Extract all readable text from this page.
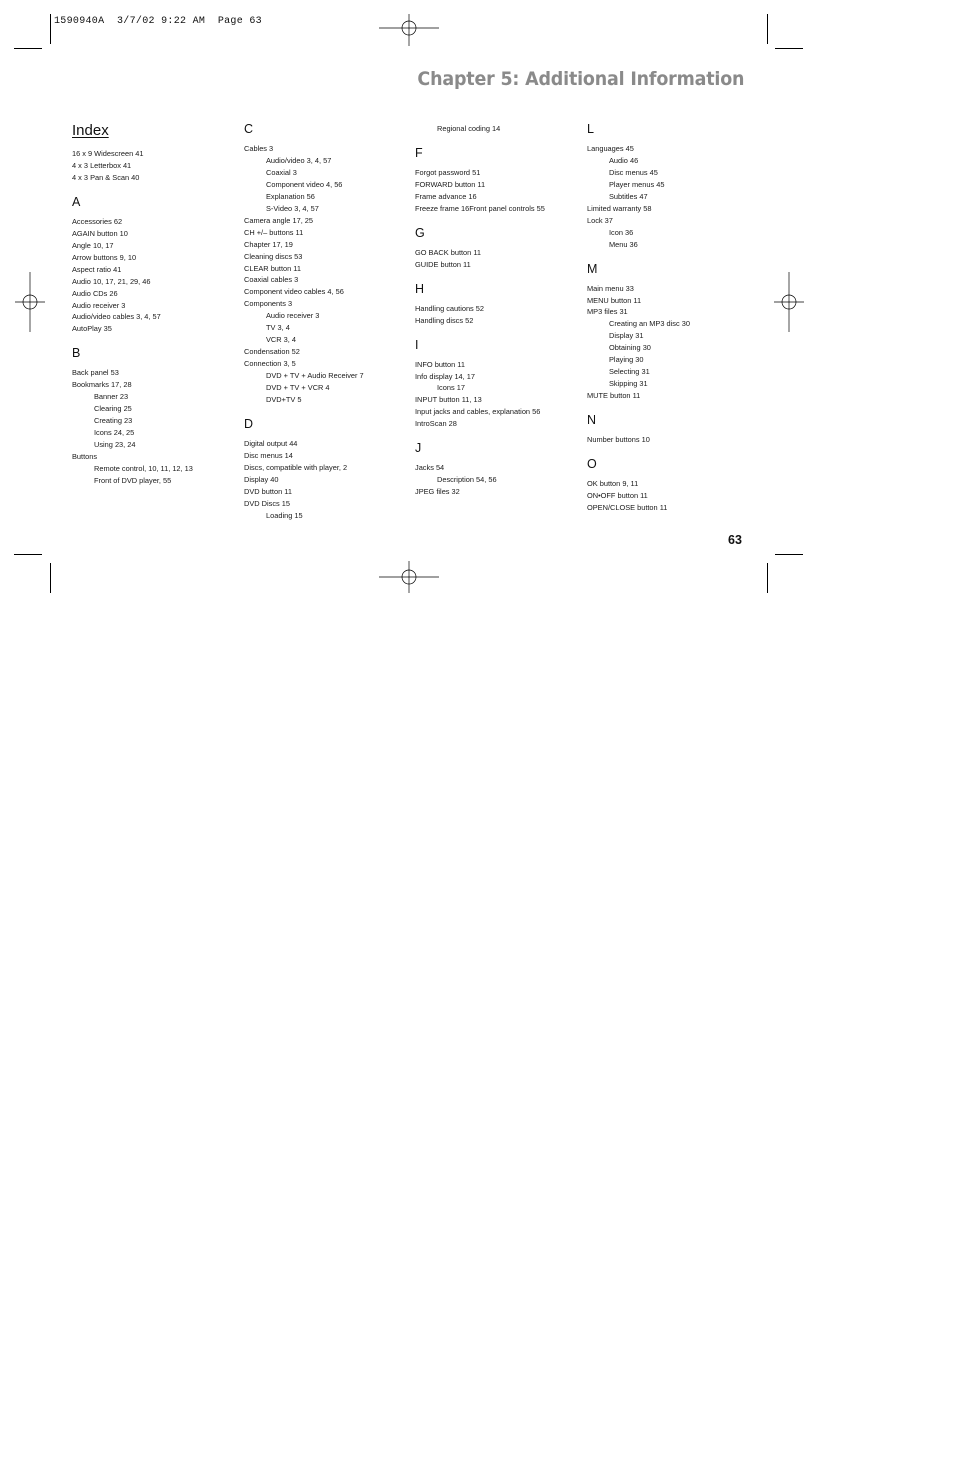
1590940A  3/7/02 9:22 AM  Page 63
Chapter 5: Additional Information
Index
16 x 9 Widescreen 41
4 x 3 Letterbox 41
4 x 3 Pan & Scan 40
A
Accessories 62
AGAIN button 10
Angle 10, 17
Arrow buttons 9, 10
Aspect ratio 41
Audio 10, 17, 21, 29, 46
Audio CDs 26
Audio receiver 3
Audio/video cables 3, 4, 57
AutoPlay 35
B
Back panel 53
Bookmarks 17, 28
Banner 23
Clearing 25
Creating 23
Icons 24, 25
Using 23, 24
Buttons
Remote control, 10, 11, 12, 13
Front of DVD player, 55
C
Cables 3
Audio/video 3, 4, 57
Coaxial 3
Component video 4, 56
Explanation 56
S-Video 3, 4, 57
Camera angle 17, 25
CH +/– buttons 11
Chapter 17, 19
Cleaning discs 53
CLEAR button 11
Coaxial cables 3
Component video cables 4, 56
Components 3
Audio receiver 3
TV 3, 4
VCR 3, 4
Condensation 52
Connection 3, 5
DVD + TV + Audio Receiver 7
DVD + TV + VCR 4
DVD+TV 5
D
Digital output 44
Disc menus 14
Discs, compatible with player, 2
Display 40
DVD button 11
DVD Discs 15
Loading 15
Regional coding 14
F
Forgot password 51
FORWARD button 11
Frame advance 16
Freeze frame 16Front panel controls 55
G
GO BACK button 11
GUIDE button 11
H
Handling cautions 52
Handling discs 52
I
INFO button 11
Info display 14, 17
Icons 17
INPUT button 11, 13
Input jacks and cables, explanation 56
IntroScan 28
J
Jacks 54
Description 54, 56
JPEG files 32
L
Languages 45
Audio 46
Disc menus 45
Player menus 45
Subtitles 47
Limited warranty 58
Lock 37
Icon 36
Menu 36
M
Main menu 33
MENU button 11
MP3 files 31
Creating an MP3 disc 30
Display 31
Obtaining 30
Playing 30
Selecting 31
Skipping 31
MUTE button 11
N
Number buttons 10
O
OK button 9, 11
ON•OFF button 11
OPEN/CLOSE button 11
63
